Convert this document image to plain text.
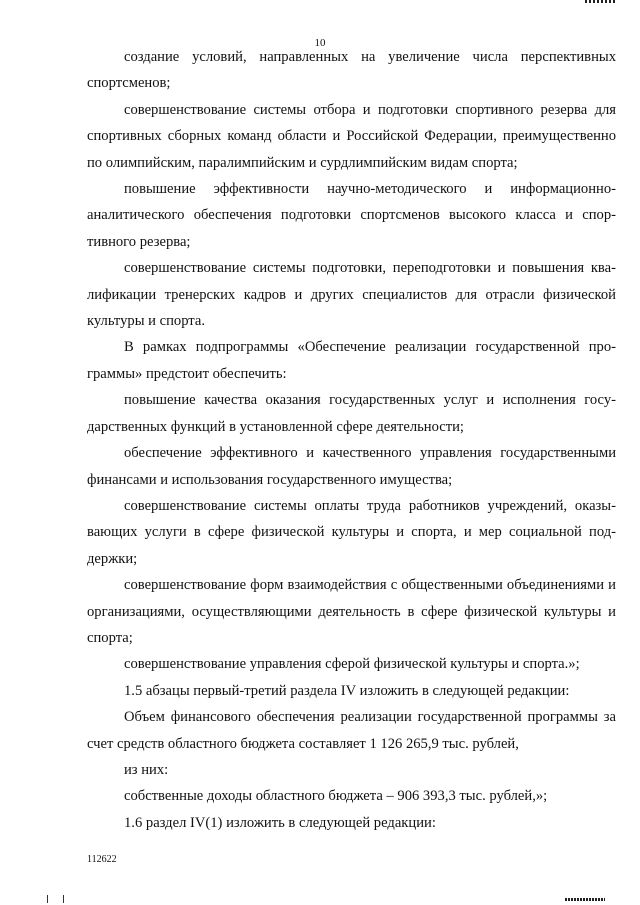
10

создание условий, направленных на увеличение числа перспективных спортсменов;

совершенствование системы отбора и подготовки спортивного резерва для спортивных сборных команд области и Российской Федерации, преимущественно по олимпийским, паралимпийским и сурдлимпийским видам спорта;

повышение эффективности научно-методического и информационно-аналитического обеспечения подготовки спортсменов высокого класса и спортивного резерва;

совершенствование системы подготовки, переподготовки и повышения квалификации тренерских кадров и других специалистов для отрасли физической культуры и спорта.

В рамках подпрограммы «Обеспечение реализации государственной программы» предстоит обеспечить:

повышение качества оказания государственных услуг и исполнения государственных функций в установленной сфере деятельности;

обеспечение эффективного и качественного управления государственными финансами и использования государственного имущества;

совершенствование системы оплаты труда работников учреждений, оказывающих услуги в сфере физической культуры и спорта, и мер социальной поддержки;

совершенствование форм взаимодействия с общественными объединениями и организациями, осуществляющими деятельность в сфере физической культуры и спорта;

совершенствование управления сферой физической культуры и спорта.»;

1.5 абзацы первый-третий раздела IV изложить в следующей редакции:

Объем финансового обеспечения реализации государственной программы за счет средств областного бюджета составляет 1 126 265,9 тыс. рублей,

из них:

собственные доходы областного бюджета – 906 393,3 тыс. рублей,»;

1.6 раздел IV(1) изложить в следующей редакции:

112622
